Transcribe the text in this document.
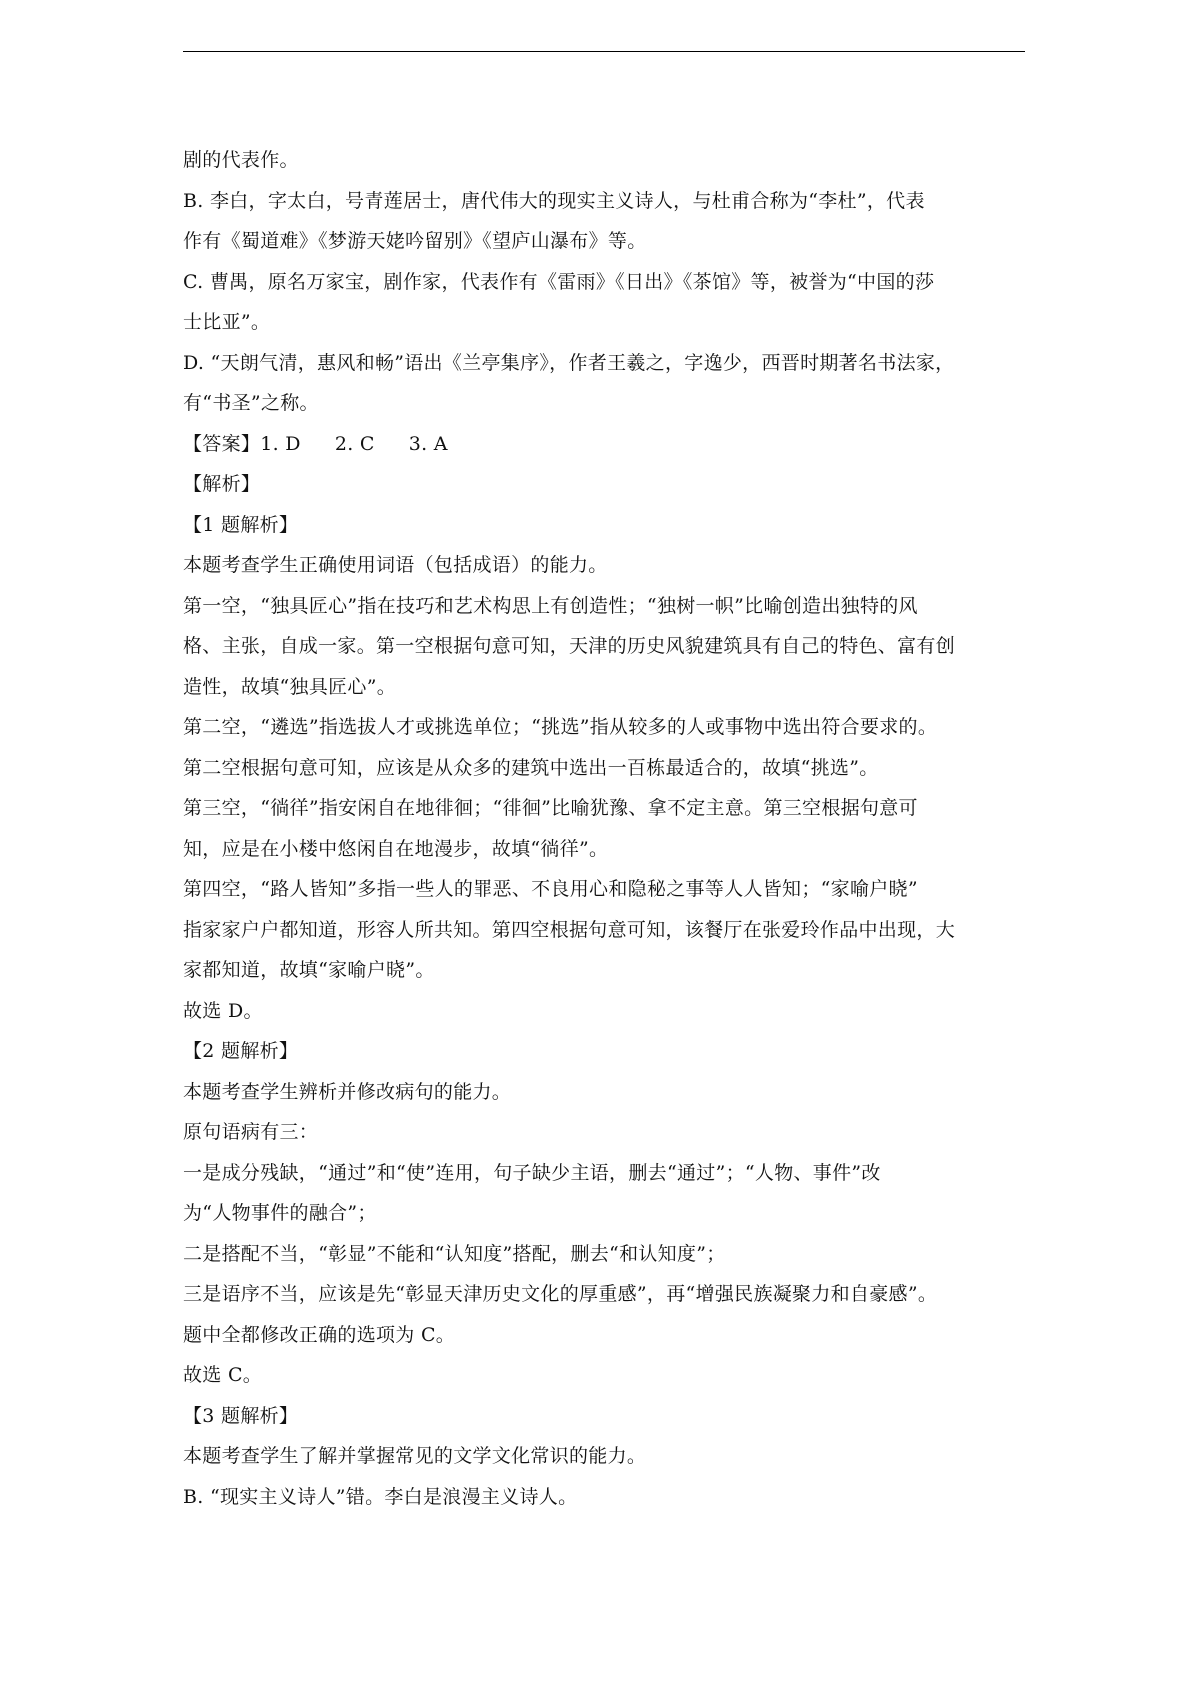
剧的代表作。
B. 李白，字太白，号青莲居士，唐代伟大的现实主义诗人，与杜甫合称为“李杜”，代表
作有《蜀道难》《梦游天姥吟留别》《望庐山瀑布》等。
C. 曹禺，原名万家宝，剧作家，代表作有《雷雨》《日出》《茶馆》等，被誉为“中国的莎
士比亚”。
D. “天朗气清，惠风和畅”语出《兰亭集序》，作者王羲之，字逸少，西晋时期著名书法家，
有“书圣”之称。
【答案】1. D 2. C 3. A
【解析】
【1 题解析】
本题考查学生正确使用词语（包括成语）的能力。
第一空，“独具匠心”指在技巧和艺术构思上有创造性；“独树一帜”比喻创造出独特的风
格、主张，自成一家。第一空根据句意可知，天津的历史风貌建筑具有自己的特色、富有创
造性，故填“独具匠心”。
第二空，“遴选”指选拔人才或挑选单位；“挑选”指从较多的人或事物中选出符合要求的。
第二空根据句意可知，应该是从众多的建筑中选出一百栋最适合的，故填“挑选”。
第三空，“徜徉”指安闲自在地徘徊；“徘徊”比喻犹豫、拿不定主意。第三空根据句意可
知，应是在小楼中悠闲自在地漫步，故填“徜徉”。
第四空，“路人皆知”多指一些人的罪恶、不良用心和隐秘之事等人人皆知；“家喻户晓”
指家家户户都知道，形容人所共知。第四空根据句意可知，该餐厅在张爱玲作品中出现，大
家都知道，故填“家喻户晓”。
故选 D。
【2 题解析】
本题考查学生辨析并修改病句的能力。
原句语病有三：
一是成分残缺，“通过”和“使”连用，句子缺少主语，删去“通过”；“人物、事件”改
为“人物事件的融合”；
二是搭配不当，“彰显”不能和“认知度”搭配，删去“和认知度”；
三是语序不当，应该是先“彰显天津历史文化的厚重感”，再“增强民族凝聚力和自豪感”。
题中全都修改正确的选项为 C。
故选 C。
【3 题解析】
本题考查学生了解并掌握常见的文学文化常识的能力。
B. “现实主义诗人”错。李白是浪漫主义诗人。
